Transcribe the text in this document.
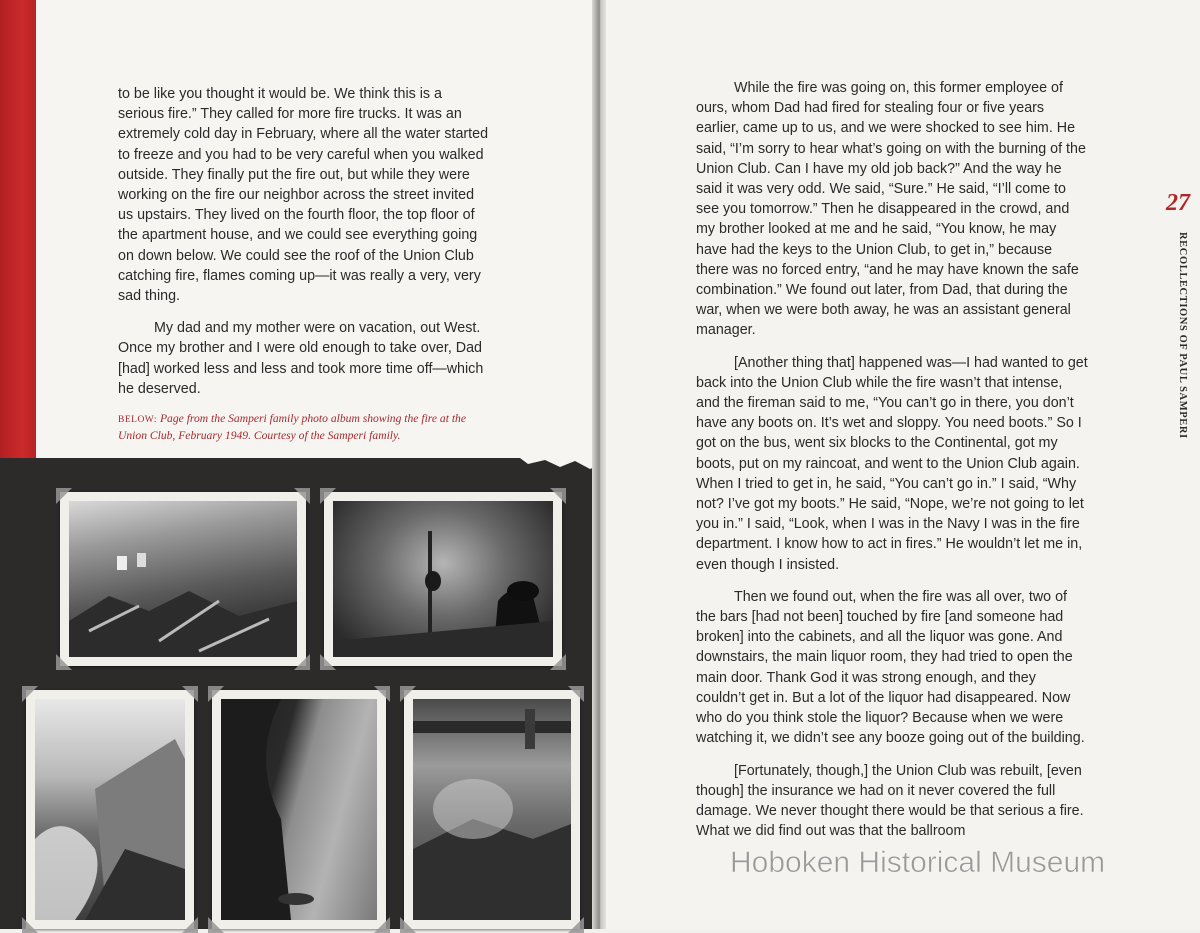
to be like you thought it would be. We think this is a serious fire.” They called for more fire trucks. It was an extremely cold day in February, where all the water started to freeze and you had to be very careful when you walked outside. They finally put the fire out, but while they were working on the fire our neighbor across the street invited us upstairs. They lived on the fourth floor, the top floor of the apartment house, and we could see everything going on down below. We could see the roof of the Union Club catching fire, flames coming up—it was really a very, very sad thing.

My dad and my mother were on vacation, out West. Once my brother and I were old enough to take over, Dad [had] worked less and less and took more time off—which he deserved.

BELOW: Page from the Samperi family photo album showing the fire at the Union Club, February 1949. Courtesy of the Samperi family.

While the fire was going on, this former employee of ours, whom Dad had fired for stealing four or five years earlier, came up to us, and we were shocked to see him. He said, “I’m sorry to hear what’s going on with the burning of the Union Club. Can I have my old job back?” And the way he said it was very odd. We said, “Sure.” He said, “I’ll come to see you tomorrow.” Then he disappeared in the crowd, and my brother looked at me and he said, “You know, he may have had the keys to the Union Club, to get in,” because there was no forced entry, “and he may have known the safe combination.” We found out later, from Dad, that during the war, when we were both away, he was an assistant general manager.

[Another thing that] happened was—I had wanted to get back into the Union Club while the fire wasn’t that intense, and the fireman said to me, “You can’t go in there, you don’t have any boots on. It’s wet and sloppy. You need boots.” So I got on the bus, went six blocks to the Continental, got my boots, put on my raincoat, and went to the Union Club again. When I tried to get in, he said, “You can’t go in.” I said, “Why not? I’ve got my boots.” He said, “Nope, we’re not going to let you in.” I said, “Look, when I was in the Navy I was in the fire department. I know how to act in fires.” He wouldn’t let me in, even though I insisted.

Then we found out, when the fire was all over, two of the bars [had not been] touched by fire [and someone had broken] into the cabinets, and all the liquor was gone. And downstairs, the main liquor room, they had tried to open the main door. Thank God it was strong enough, and they couldn’t get in. But a lot of the liquor had disappeared. Now who do you think stole the liquor? Because when we were watching it, we didn’t see any booze going out of the building.

[Fortunately, though,] the Union Club was rebuilt, [even though] the insurance we had on it never covered the full damage. We never thought there would be that serious a fire. What we did find out was that the ballroom

27
RECOLLECTIONS OF PAUL SAMPERI
Hoboken Historical Museum
